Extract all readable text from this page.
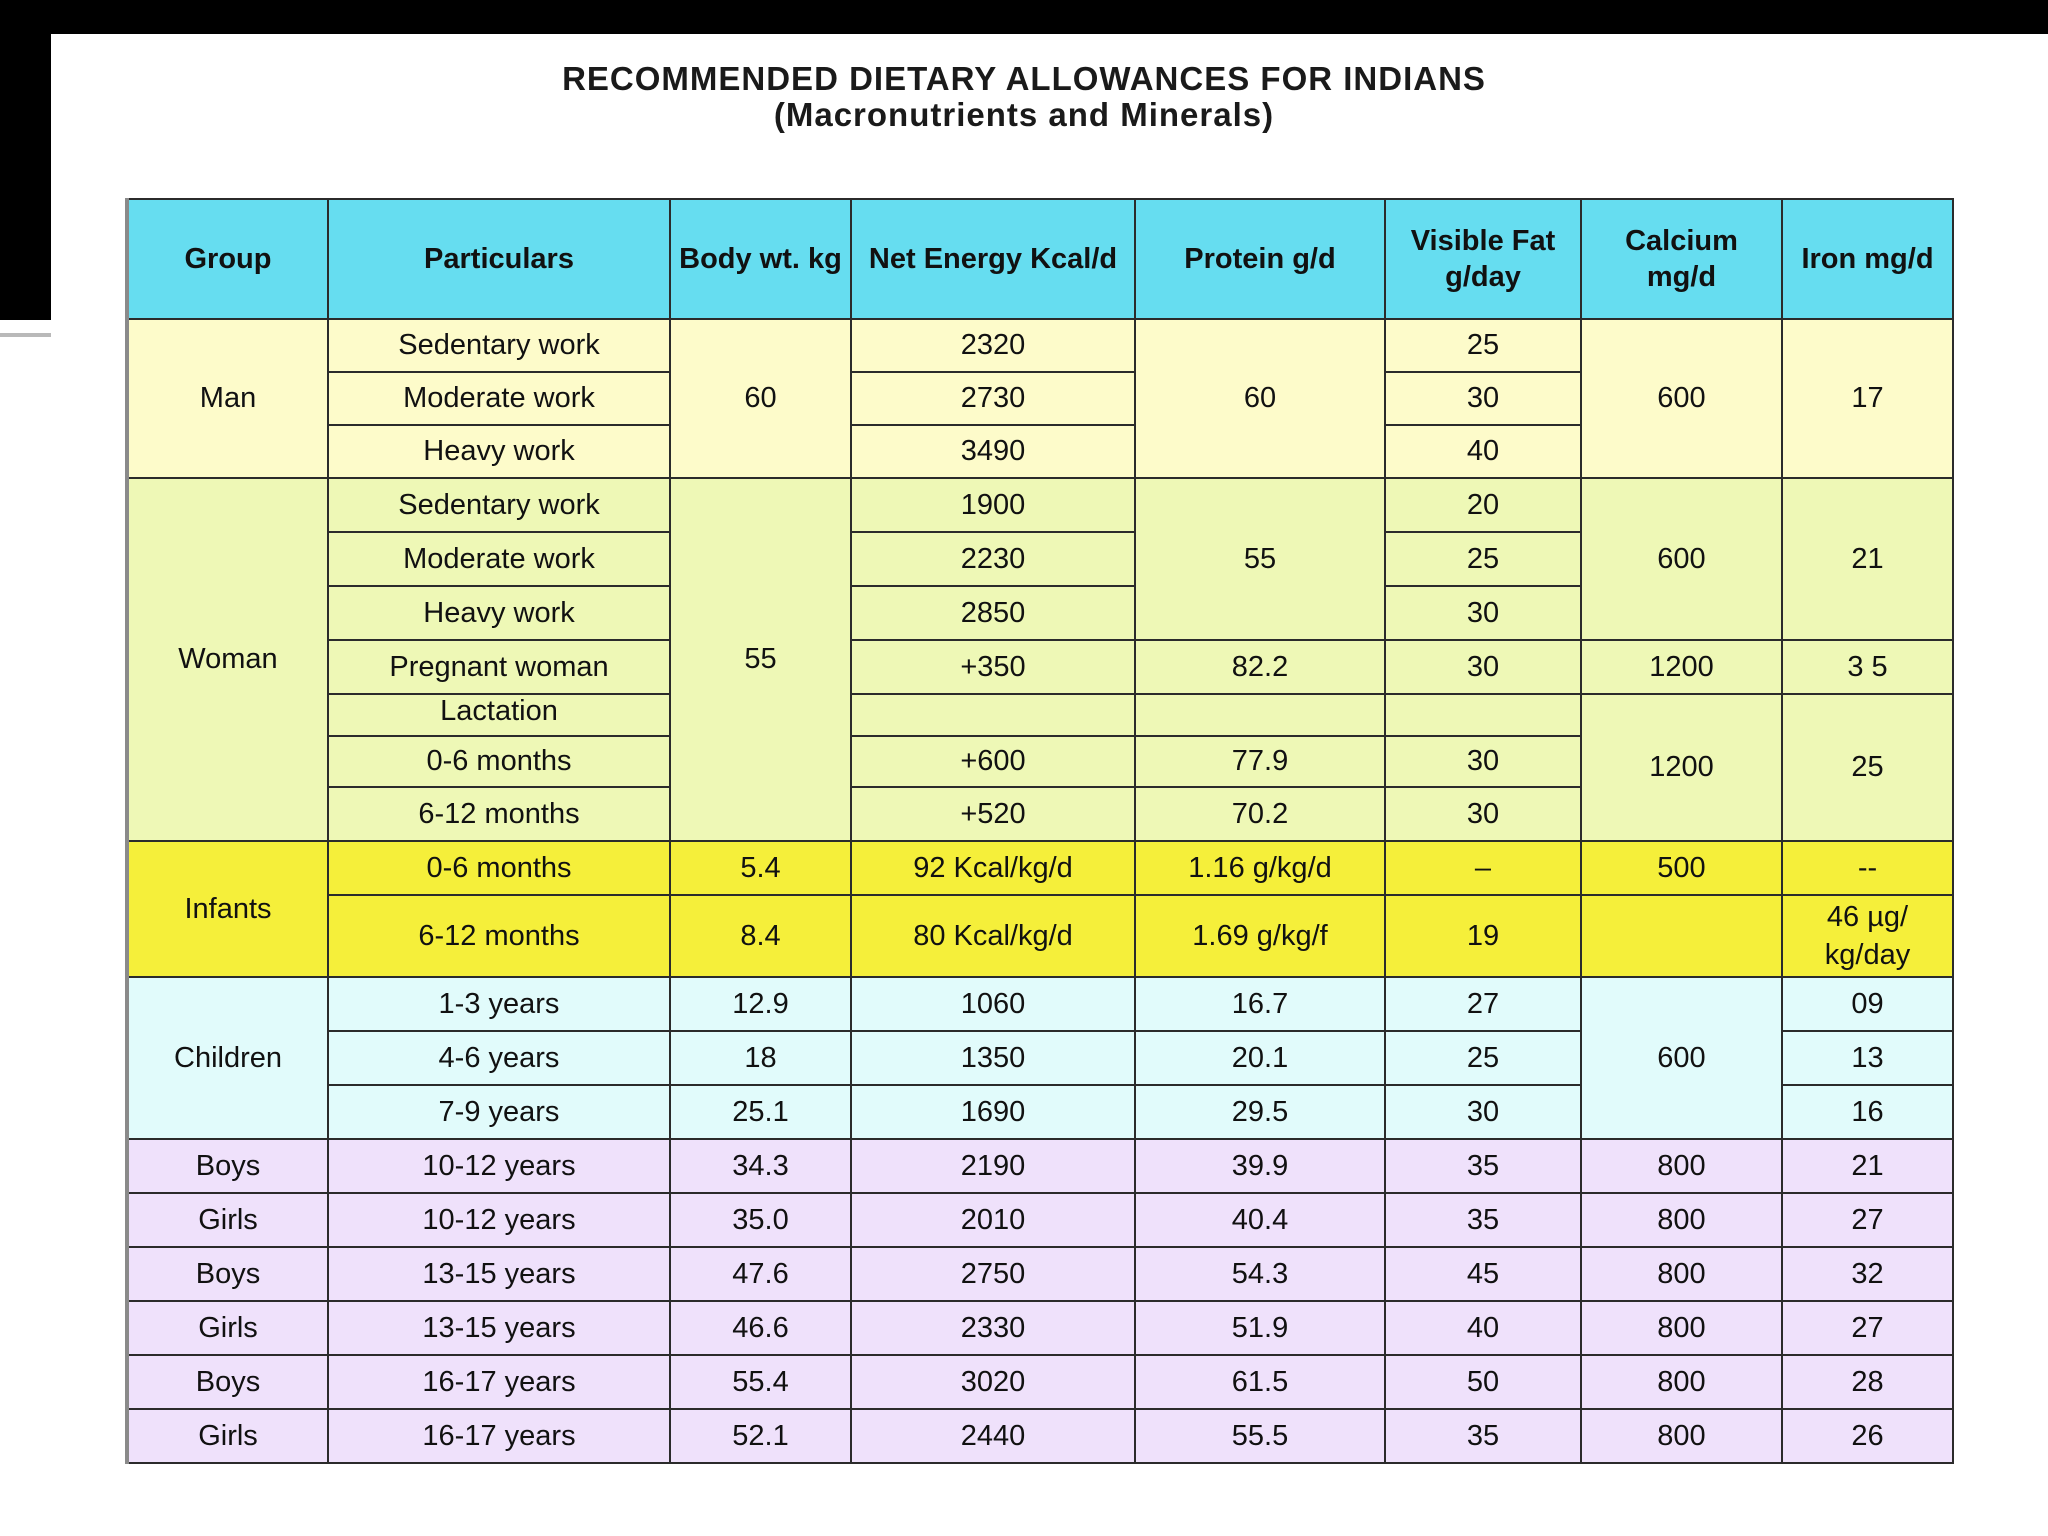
RECOMMENDED DIETARY ALLOWANCES FOR INDIANS
(Macronutrients and Minerals)
Group	Particulars	Body wt. kg	Net Energy Kcal/d	Protein g/d	Visible Fat g/day	Calcium mg/d	Iron mg/d
Man	Sedentary work	60	2320	60	25	600	17
	Moderate work		2730		30		
	Heavy work		3490		40		
Woman	Sedentary work	55	1900	55	20	600	21
	Moderate work		2230		25		
	Heavy work		2850		30		
	Pregnant woman		+350	82.2	30	1200	3 5
	Lactation					1200	25
	0-6 months		+600	77.9	30		
	6-12 months		+520	70.2	30		
Infants	0-6 months	5.4	92 Kcal/kg/d	1.16 g/kg/d	–	500	--
	6-12 months	8.4	80 Kcal/kg/d	1.69 g/kg/f	19		46 µg/ kg/day
Children	1-3 years	12.9	1060	16.7	27	600	09
	4-6 years	18	1350	20.1	25		13
	7-9 years	25.1	1690	29.5	30		16
Boys	10-12 years	34.3	2190	39.9	35	800	21
Girls	10-12 years	35.0	2010	40.4	35	800	27
Boys	13-15 years	47.6	2750	54.3	45	800	32
Girls	13-15 years	46.6	2330	51.9	40	800	27
Boys	16-17 years	55.4	3020	61.5	50	800	28
Girls	16-17 years	52.1	2440	55.5	35	800	26
